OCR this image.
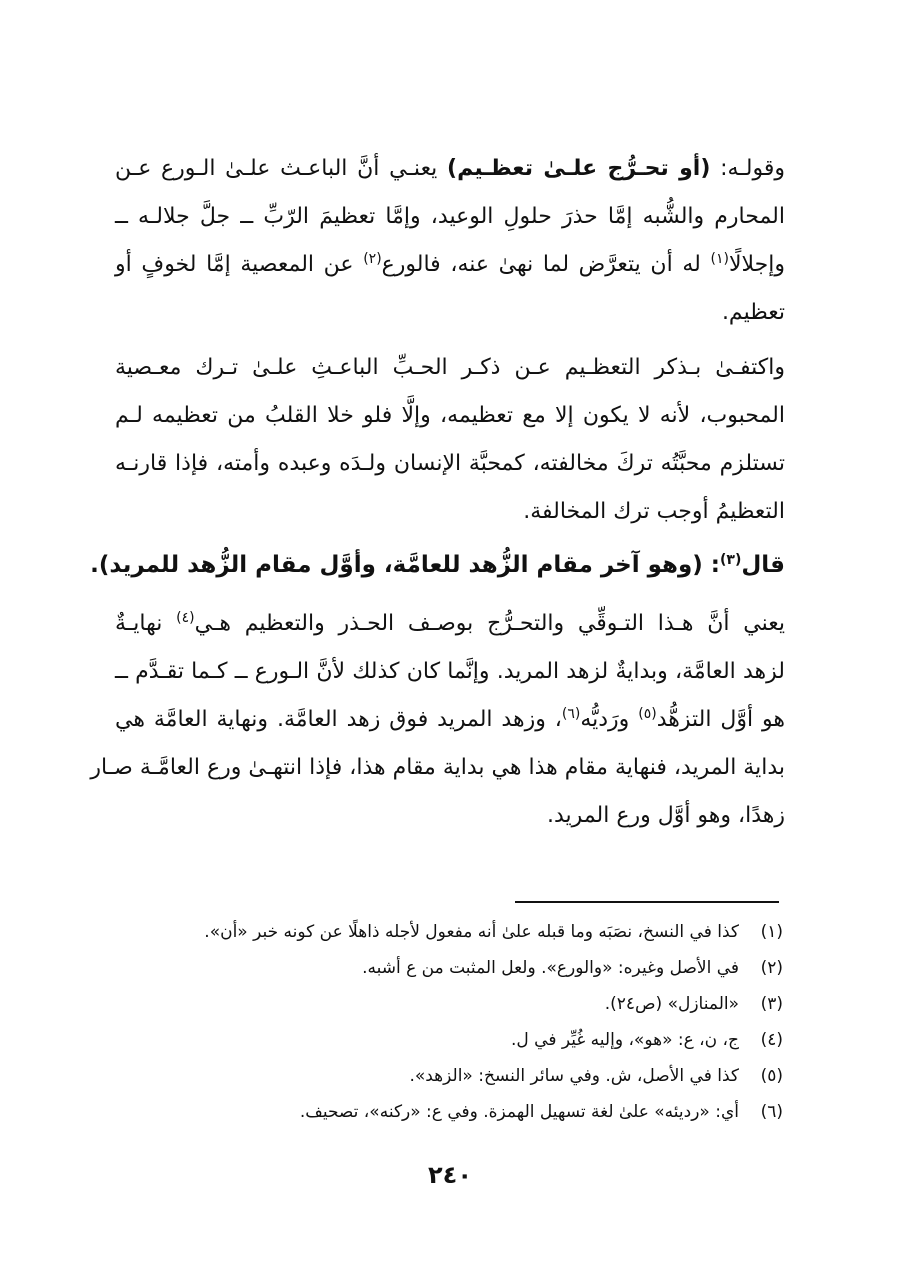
وقولـه: (أو تحـرُّج علـىٰ تعظـيم) يعنـي أنَّ الباعـث علـىٰ الـورع عـن
المحارم والشُّبه إمَّا حذرَ حلولِ الوعيد، وإمَّا تعظيمَ الرّبِّ ــ جلَّ جلالـه ــ
وإجلالًا$^{(١)}$ له أن يتعرَّض لما نهىٰ عنه، فالورع$^{(٢)}$ عن المعصية إمَّا لخوفٍ أو
تعظيم.
واكتفـىٰ بـذكر التعظـيم عـن ذكـر الحـبِّ الباعـثِ علـىٰ تـرك معـصية
المحبوب، لأنه لا يكون إلا مع تعظيمه، وإلَّا فلو خلا القلبُ من تعظيمه لـم
تستلزم محبَّتُه تركَ مخالفته، كمحبَّة الإنسان ولـدَه وعبده وأمته، فإذا قارنـه
التعظيمُ أوجب ترك المخالفة.

قال$^{(٣)}$: (وهو آخر مقام الزُّهد للعامَّة، وأوَّل مقام الزُّهد للمريد).

يعني أنَّ هـذا التـوقِّي والتحـرُّج بوصـف الحـذر والتعظيم هـي$^{(٤)}$ نهايـةٌ
لزهد العامَّة، وبدايةٌ لزهد المريد. وإنَّما كان كذلك لأنَّ الـورع ــ كـما تقـدَّم ــ
هو أوَّل التزهُّد$^{(٥)}$ ورَديُّه$^{(٦)}$، وزهد المريد فوق زهد العامَّة. ونهاية العامَّة هي
بداية المريد، فنهاية مقام هذا هي بداية مقام هذا، فإذا انتهـىٰ ورع العامَّـة صـار
زهدًا، وهو أوَّل ورع المريد.
(١)كذا في النسخ، نصَبَه وما قبله علىٰ أنه مفعول لأجله ذاهلًا عن كونه خبر «أن».
(٢)في الأصل وغيره: «والورع». ولعل المثبت من ع أشبه.
(٣)«المنازل» (ص٢٤).
(٤)ج، ن، ع: «هو»، وإليه غُيِّر في ل.
(٥)كذا في الأصل، ش. وفي سائر النسخ: «الزهد».
(٦)أي: «رديئه» علىٰ لغة تسهيل الهمزة. وفي ع: «ركنه»، تصحيف.
٢٤٠
